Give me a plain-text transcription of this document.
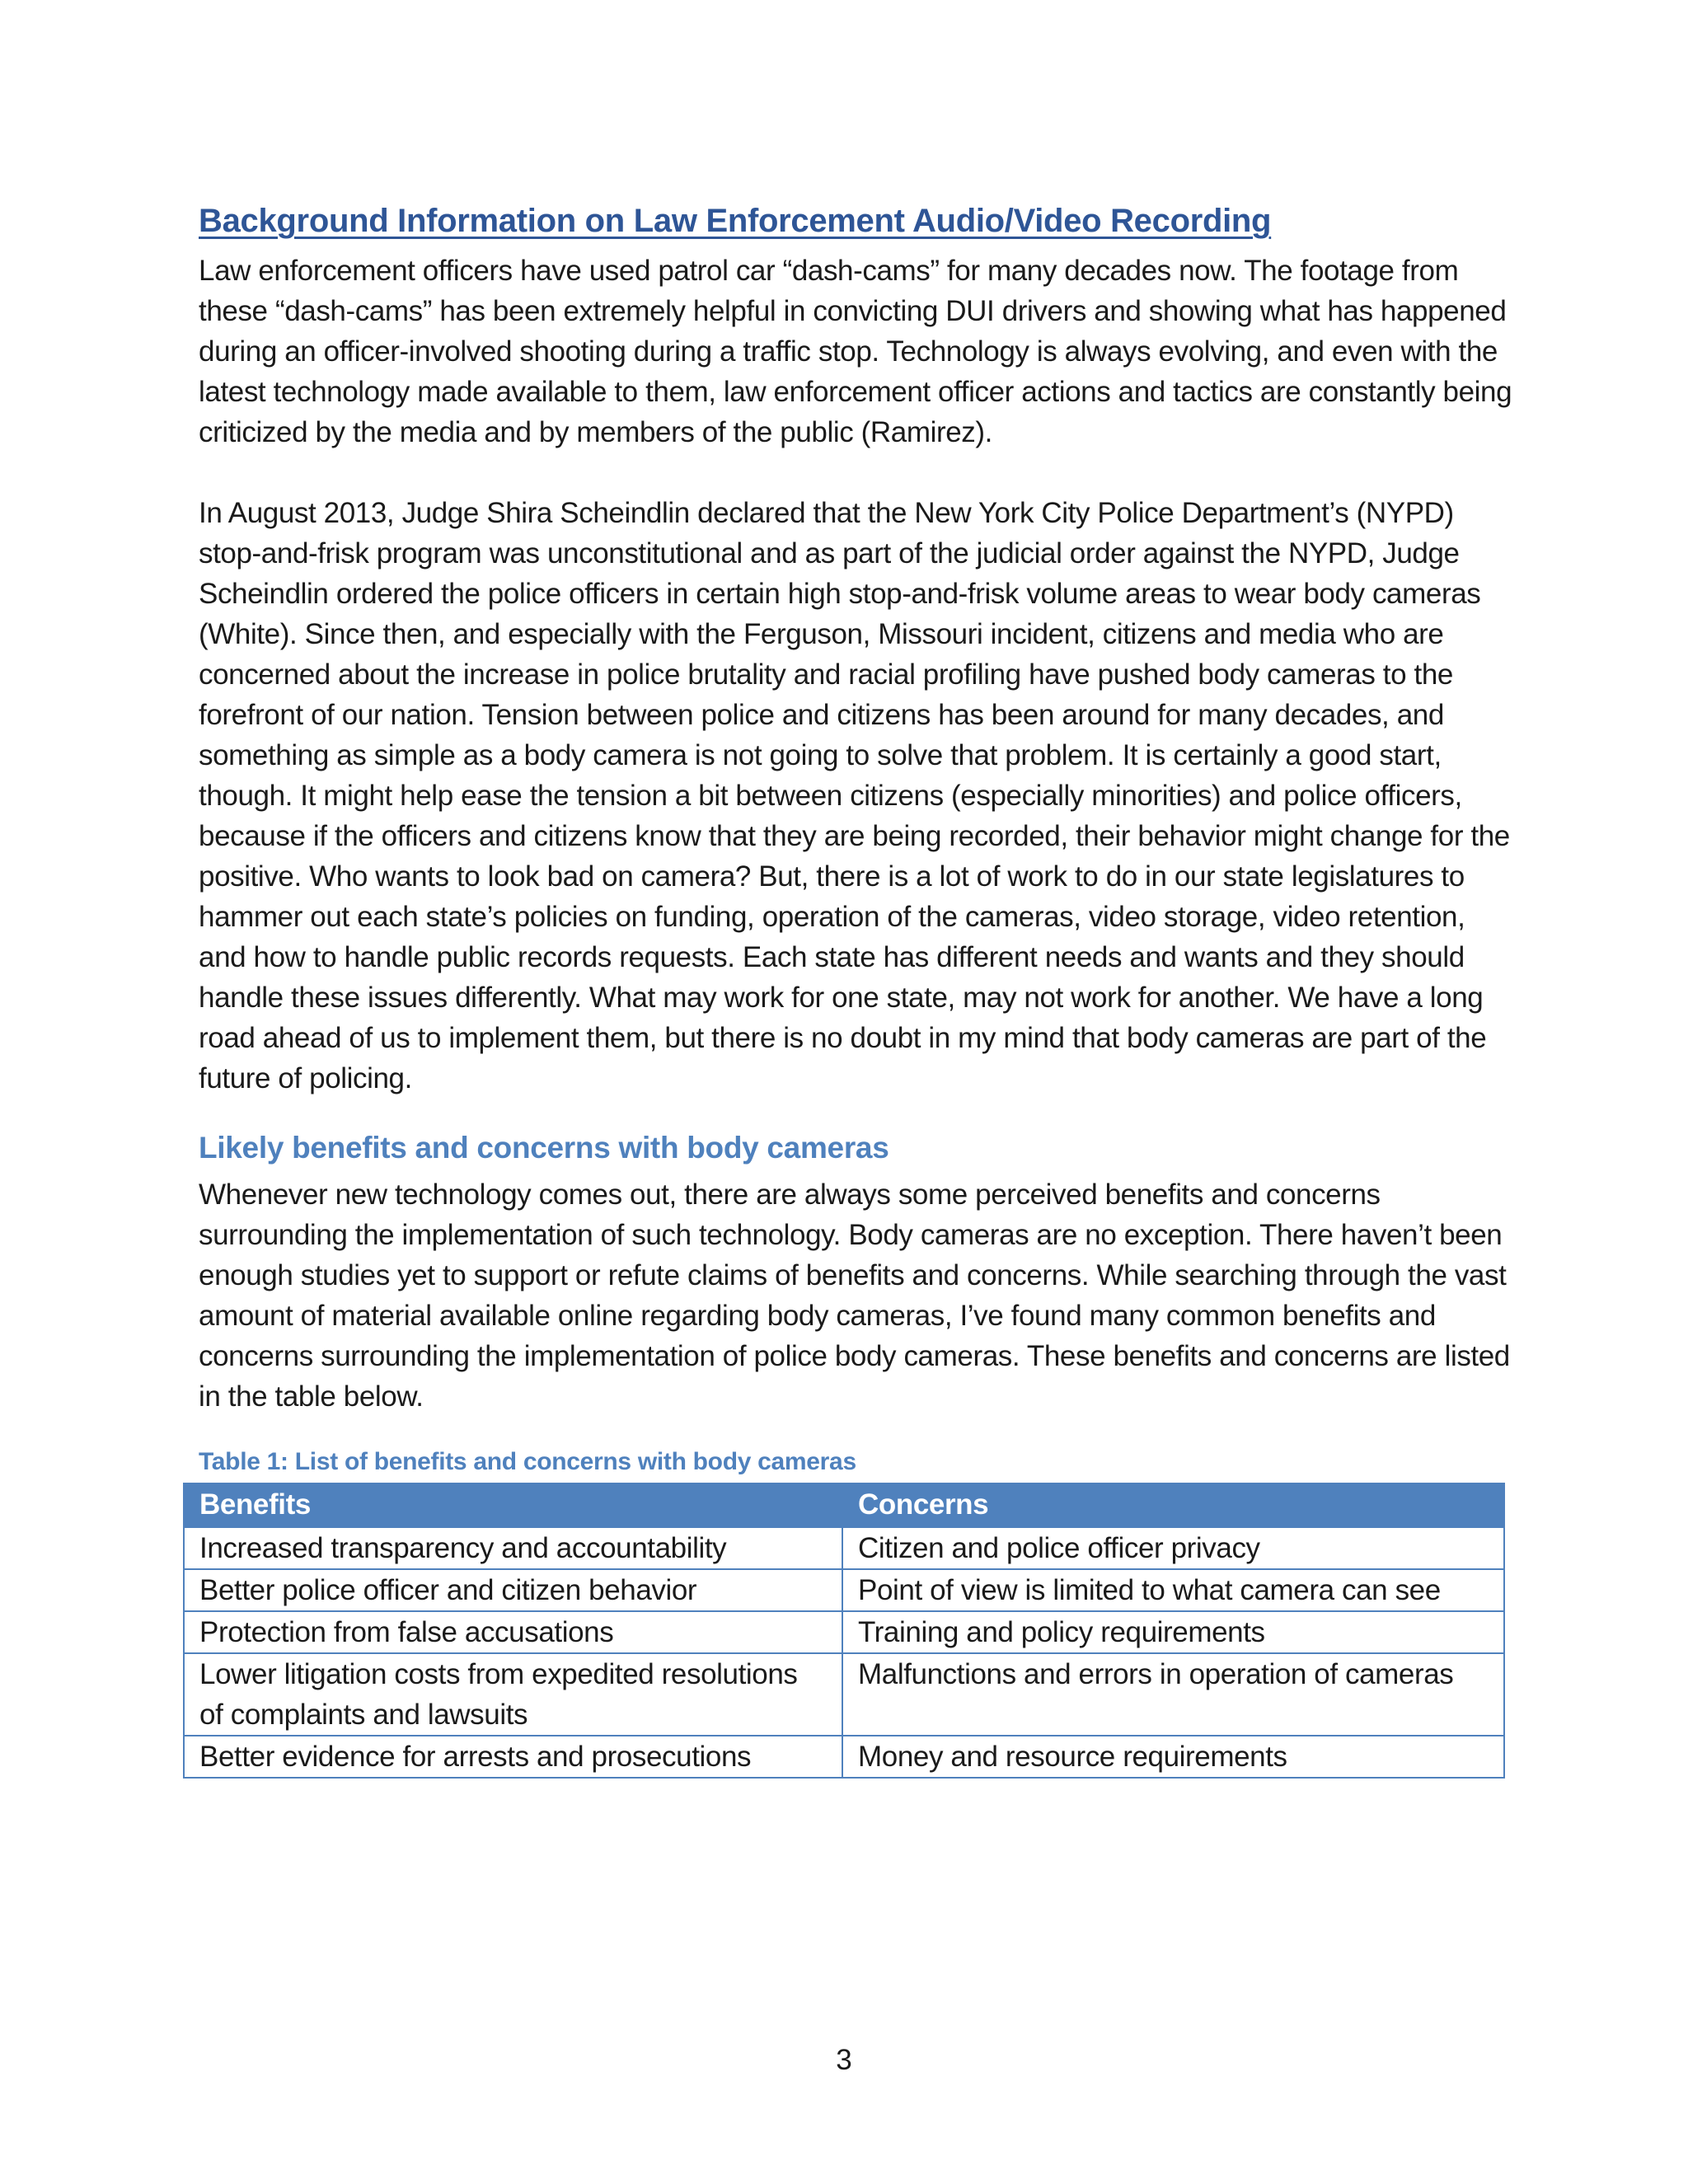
Background Information on Law Enforcement Audio/Video Recording

Law enforcement officers have used patrol car “dash-cams” for many decades now. The footage from these “dash-cams” has been extremely helpful in convicting DUI drivers and showing what has happened during an officer-involved shooting during a traffic stop. Technology is always evolving, and even with the latest technology made available to them, law enforcement officer actions and tactics are constantly being criticized by the media and by members of the public (Ramirez).

In August 2013, Judge Shira Scheindlin declared that the New York City Police Department’s (NYPD) stop-and-frisk program was unconstitutional and as part of the judicial order against the NYPD, Judge Scheindlin ordered the police officers in certain high stop-and-frisk volume areas to wear body cameras (White). Since then, and especially with the Ferguson, Missouri incident, citizens and media who are concerned about the increase in police brutality and racial profiling have pushed body cameras to the forefront of our nation. Tension between police and citizens has been around for many decades, and something as simple as a body camera is not going to solve that problem. It is certainly a good start, though. It might help ease the tension a bit between citizens (especially minorities) and police officers, because if the officers and citizens know that they are being recorded, their behavior might change for the positive. Who wants to look bad on camera? But, there is a lot of work to do in our state legislatures to hammer out each state’s policies on funding, operation of the cameras, video storage, video retention, and how to handle public records requests. Each state has different needs and wants and they should handle these issues differently. What may work for one state, may not work for another. We have a long road ahead of us to implement them, but there is no doubt in my mind that body cameras are part of the future of policing.

Likely benefits and concerns with body cameras

Whenever new technology comes out, there are always some perceived benefits and concerns surrounding the implementation of such technology. Body cameras are no exception. There haven’t been enough studies yet to support or refute claims of benefits and concerns. While searching through the vast amount of material available online regarding body cameras, I’ve found many common benefits and concerns surrounding the implementation of police body cameras. These benefits and concerns are listed in the table below.

Table 1: List of benefits and concerns with body cameras
Benefits	Concerns
Increased transparency and accountability	Citizen and police officer privacy
Better police officer and citizen behavior	Point of view is limited to what camera can see
Protection from false accusations	Training and policy requirements
Lower litigation costs from expedited resolutions of complaints and lawsuits	Malfunctions and errors in operation of cameras
Better evidence for arrests and prosecutions	Money and resource requirements
3
